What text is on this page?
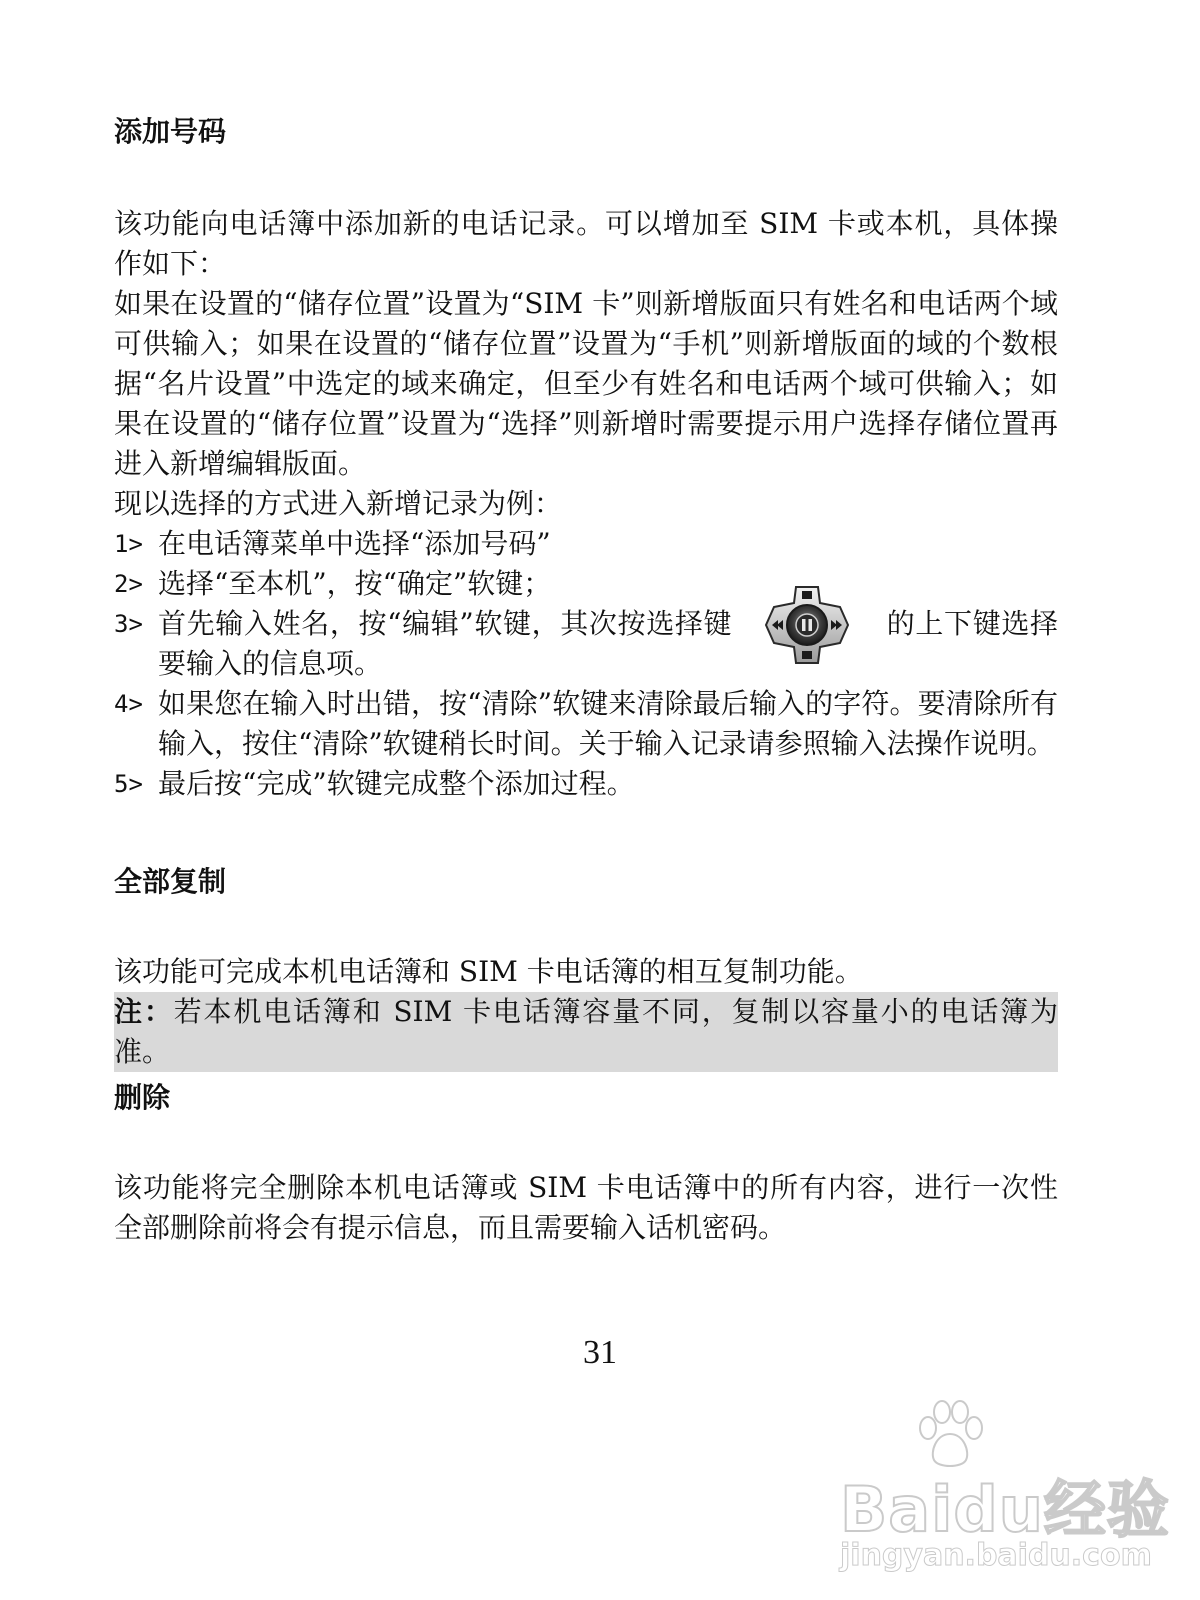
添加号码

该功能向电话簿中添加新的电话记录。可以增加至 SIM 卡或本机，具体操作如下：

如果在设置的“储存位置”设置为“SIM 卡”则新增版面只有姓名和电话两个域可供输入；如果在设置的“储存位置”设置为“手机”则新增版面的域的个数根据“名片设置”中选定的域来确定，但至少有姓名和电话两个域可供输入；如果在设置的“储存位置”设置为“选择”则新增时需要提示用户选择存储位置再进入新增编辑版面。

现以选择的方式进入新增记录为例：

1> 在电话簿菜单中选择“添加号码”
2> 选择“至本机”，按“确定”软键；
3> 首先输入姓名，按“编辑”软键，其次按选择键	的上下键选择要输入的信息项。
4> 如果您在输入时出错，按“清除”软键来清除最后输入的字符。要清除所有输入，按住“清除”软键稍长时间。关于输入记录请参照输入法操作说明。
5> 最后按“完成”软键完成整个添加过程。
全部复制

该功能可完成本机电话簿和 SIM 卡电话簿的相互复制功能。

注：若本机电话簿和 SIM 卡电话簿容量不同，复制以容量小的电话簿为准。

删除

该功能将完全删除本机电话簿或 SIM 卡电话簿中的所有内容，进行一次性全部删除前将会有提示信息，而且需要输入话机密码。

31
Baidu经验
jingyan.baidu.com
